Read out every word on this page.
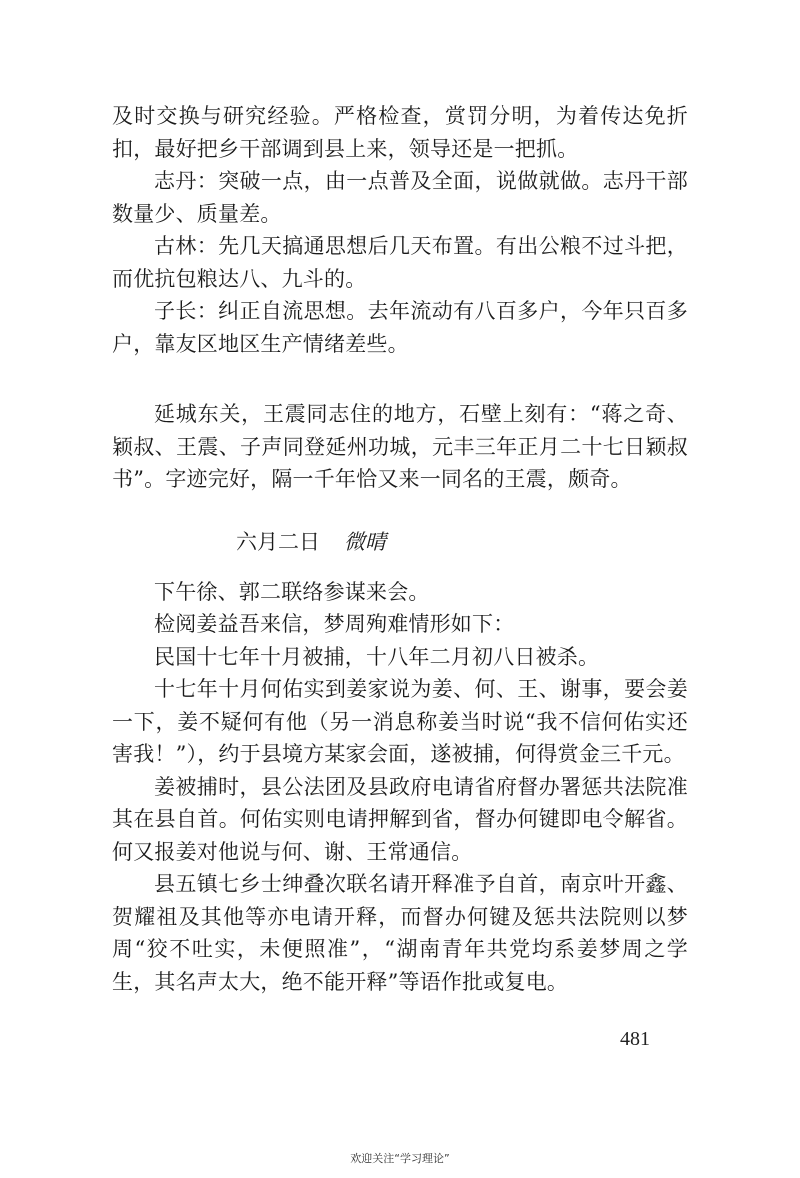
及时交换与研究经验。严格检查，赏罚分明，为着传达免折扣，最好把乡干部调到县上来，领导还是一把抓。

志丹：突破一点，由一点普及全面，说做就做。志丹干部数量少、质量差。

古林：先几天搞通思想后几天布置。有出公粮不过斗把，而优抗包粮达八、九斗的。

子长：纠正自流思想。去年流动有八百多户，今年只百多户，靠友区地区生产情绪差些。

延城东关，王震同志住的地方，石壁上刻有：“蒋之奇、颖叔、王震、子声同登延州功城，元丰三年正月二十七日颖叔书”。字迹完好，隔一千年恰又来一同名的王震，颇奇。

六月二日 微晴

下午徐、郭二联络参谋来会。

检阅姜益吾来信，梦周殉难情形如下：

民国十七年十月被捕，十八年二月初八日被杀。

十七年十月何佑实到姜家说为姜、何、王、谢事，要会姜一下，姜不疑何有他（另一消息称姜当时说“我不信何佑实还害我！”），约于县境方某家会面，遂被捕，何得赏金三千元。

姜被捕时，县公法团及县政府电请省府督办署惩共法院准其在县自首。何佑实则电请押解到省，督办何键即电令解省。何又报姜对他说与何、谢、王常通信。

县五镇七乡士绅叠次联名请开释准予自首，南京叶开鑫、贺耀祖及其他等亦电请开释，而督办何键及惩共法院则以梦周“狡不吐实，未便照准”，“湖南青年共党均系姜梦周之学生，其名声太大，绝不能开释”等语作批或复电。

481
欢迎关注“学习理论”
